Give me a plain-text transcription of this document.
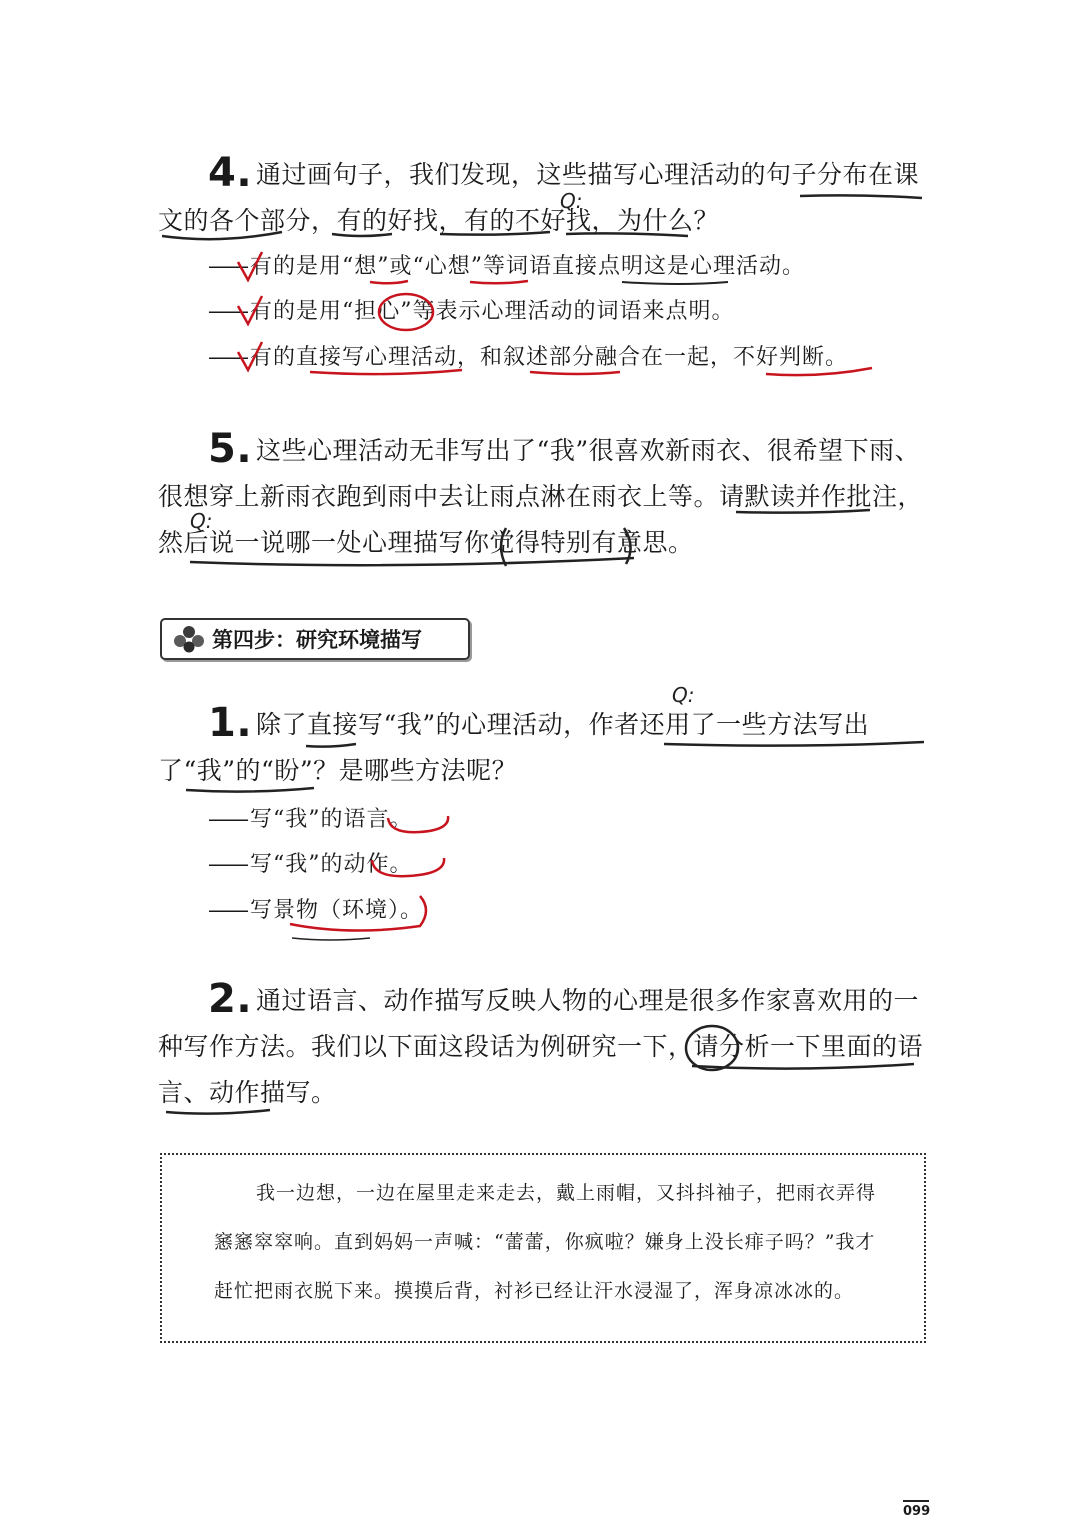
4. 通过画句子，我们发现，这些描写心理活动的句子分布在课文的各个部分，有的好找，有的不好找，为什么？
—— 有的是用“想”或“心想”等词语直接点明这是心理活动。
—— 有的是用“担心”等表示心理活动的词语来点明。
—— 有的直接写心理活动，和叙述部分融合在一起，不好判断。
5. 这些心理活动无非写出了“我”很喜欢新雨衣、很希望下雨、很想穿上新雨衣跑到雨中去让雨点淋在雨衣上等。请默读并作批注，然后说一说哪一处心理描写你觉得特别有意思。
第四步：研究环境描写
1. 除了直接写“我”的心理活动，作者还用了一些方法写出了“我”的“盼”？是哪些方法呢？
—— 写“我”的语言。
—— 写“我”的动作。
—— 写景物（环境）。
2. 通过语言、动作描写反映人物的心理是很多作家喜欢用的一种写作方法。我们以下面这段话为例研究一下，请分析一下里面的语言、动作描写。

我一边想，一边在屋里走来走去，戴上雨帽，又抖抖袖子，把雨衣弄得窸窸窣窣响。直到妈妈一声喊：“蕾蕾，你疯啦？嫌身上没长痱子吗？”我才赶忙把雨衣脱下来。摸摸后背，衬衫已经让汗水浸湿了，浑身凉冰冰的。

099
Q:
Q:
Q:
